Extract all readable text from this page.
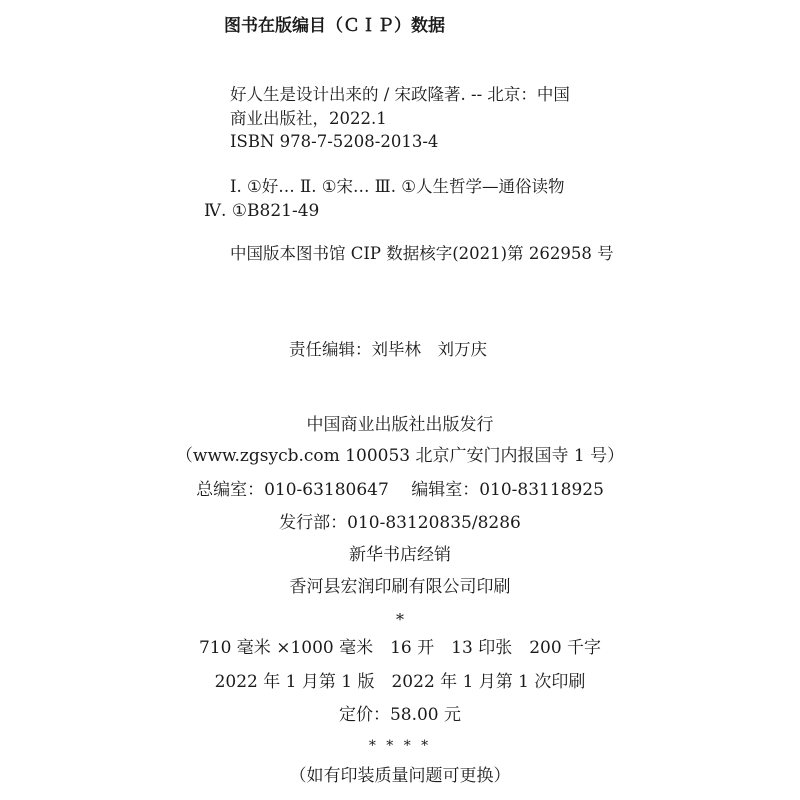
图书在版编目（ＣＩＰ）数据
好人生是设计出来的 / 宋政隆著. -- 北京：中国
商业出版社，2022.1
ISBN 978-7-5208-2013-4
Ⅰ. ①好… Ⅱ. ①宋… Ⅲ. ①人生哲学—通俗读物
Ⅳ. ①B821-49
中国版本图书馆 CIP 数据核字(2021)第 262958 号
责任编辑：刘毕林　刘万庆
中国商业出版社出版发行
（www.zgsycb.com 100053 北京广安门内报国寺 1 号）
总编室：010-63180647　 编辑室：010-83118925
发行部：010-83120835/8286
新华书店经销
香河县宏润印刷有限公司印刷
*
710 毫米 ×1000 毫米　16 开　13 印张　200 千字
2022 年 1 月第 1 版　2022 年 1 月第 1 次印刷
定价：58.00 元
* * * *
（如有印装质量问题可更换）
